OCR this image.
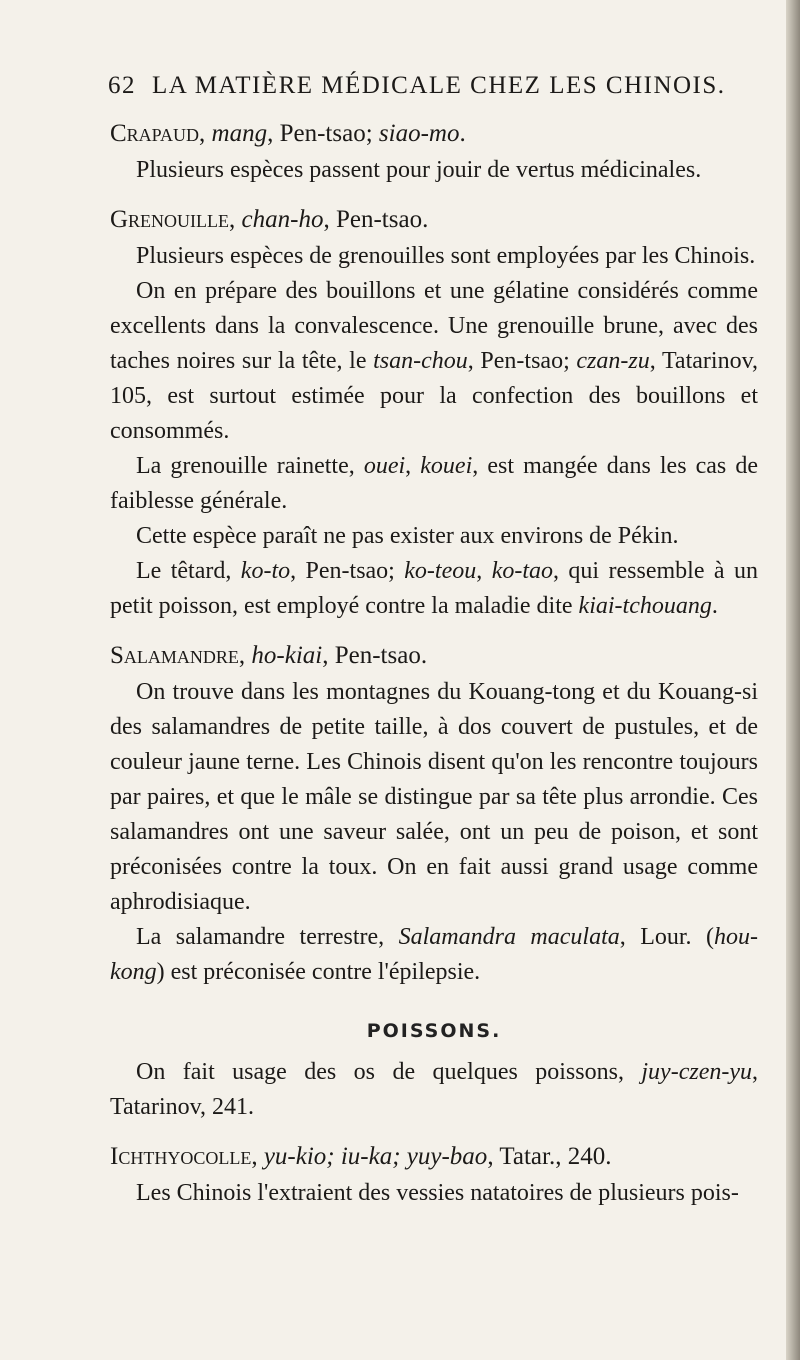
62 LA MATIÈRE MÉDICALE CHEZ LES CHINOIS.

Crapaud, mang, Pen-tsao; siao-mo.

Plusieurs espèces passent pour jouir de vertus médicinales.

Grenouille, chan-ho, Pen-tsao.

Plusieurs espèces de grenouilles sont employées par les Chinois.

On en prépare des bouillons et une gélatine considérés comme excellents dans la convalescence. Une grenouille brune, avec des taches noires sur la tête, le tsan-chou, Pen-tsao; czan-zu, Tatarinov, 105, est surtout estimée pour la confection des bouillons et consommés.

La grenouille rainette, ouei, kouei, est mangée dans les cas de faiblesse générale.

Cette espèce paraît ne pas exister aux environs de Pékin.

Le têtard, ko-to, Pen-tsao; ko-teou, ko-tao, qui ressemble à un petit poisson, est employé contre la maladie dite kiai-tchouang.

Salamandre, ho-kiai, Pen-tsao.

On trouve dans les montagnes du Kouang-tong et du Kouang-si des salamandres de petite taille, à dos couvert de pustules, et de couleur jaune terne. Les Chinois disent qu'on les rencontre toujours par paires, et que le mâle se distingue par sa tête plus arrondie. Ces salamandres ont une saveur salée, ont un peu de poison, et sont préconisées contre la toux. On en fait aussi grand usage comme aphrodisiaque.

La salamandre terrestre, Salamandra maculata, Lour. (hou-kong) est préconisée contre l'épilepsie.

POISSONS.

On fait usage des os de quelques poissons, juy-czen-yu, Tatarinov, 241.

Ichthyocolle, yu-kio; iu-ka; yuy-bao, Tatar., 240.

Les Chinois l'extraient des vessies natatoires de plusieurs pois-
